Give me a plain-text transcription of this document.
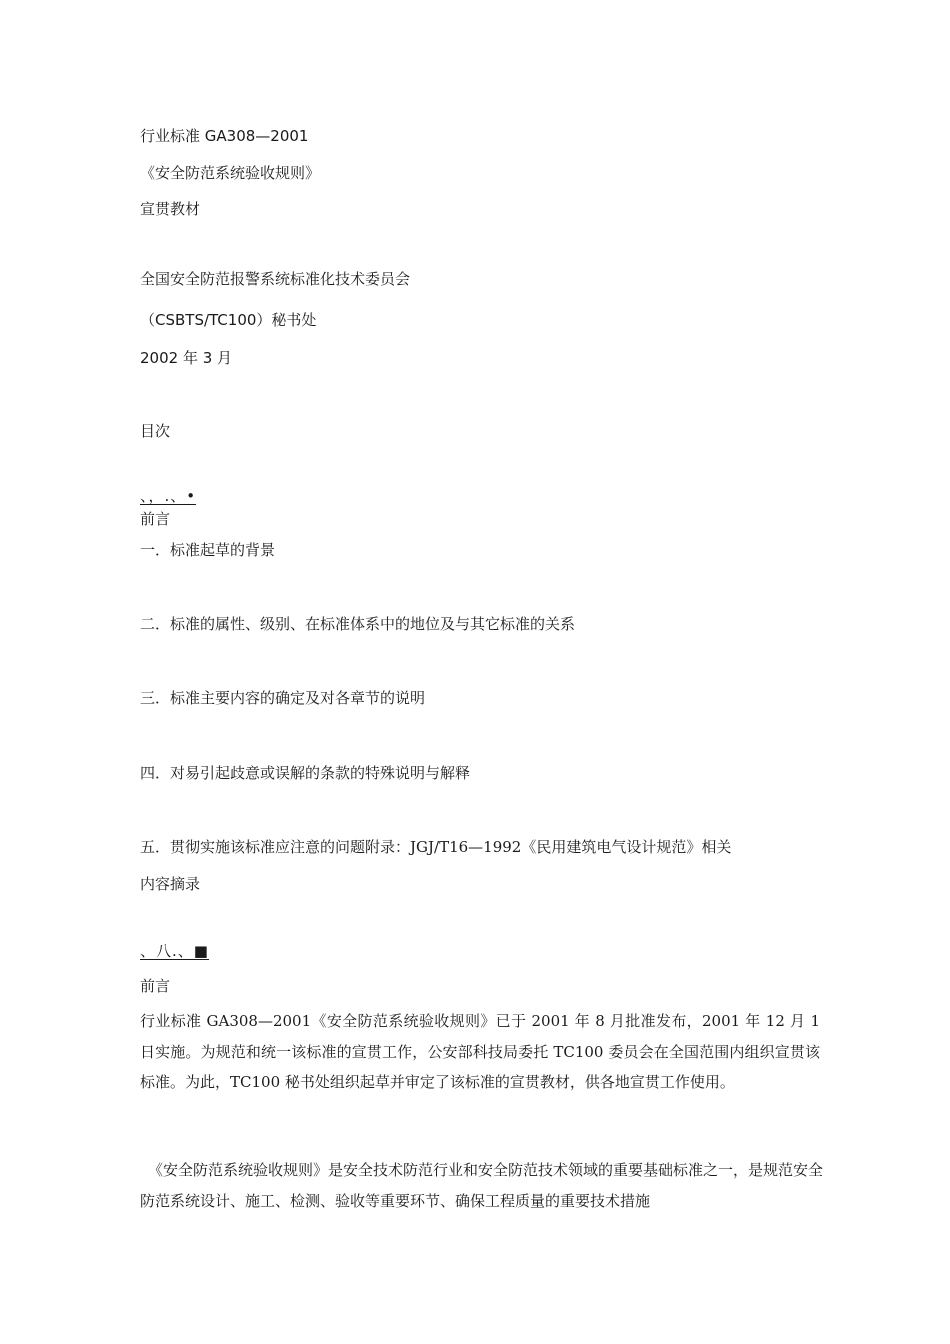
行业标准 GA308—2001
《安全防范系统验收规则》
宣贯教材
全国安全防范报警系统标准化技术委员会
（CSBTS/TC100）秘书处
2002 年 3 月
目次
、，.、•
前言
一．标准起草的背景
二．标准的属性、级别、在标准体系中的地位及与其它标准的关系
三．标准主要内容的确定及对各章节的说明
四．对易引起歧意或误解的条款的特殊说明与解释
五．贯彻实施该标准应注意的问题附录：JGJ/T16—1992《民用建筑电气设计规范》相关
内容摘录
、八.、■
前言
行业标准 GA308—2001《安全防范系统验收规则》已于 2001 年 8 月批准发布，2001 年 12 月 1 日实施。为规范和统一该标准的宣贯工作，公安部科技局委托 TC100 委员会在全国范围内组织宣贯该标准。为此，TC100 秘书处组织起草并审定了该标准的宣贯教材，供各地宣贯工作使用。
《安全防范系统验收规则》是安全技术防范行业和安全防范技术领域的重要基础标准之一，是规范安全防范系统设计、施工、检测、验收等重要环节、确保工程质量的重要技术措施
